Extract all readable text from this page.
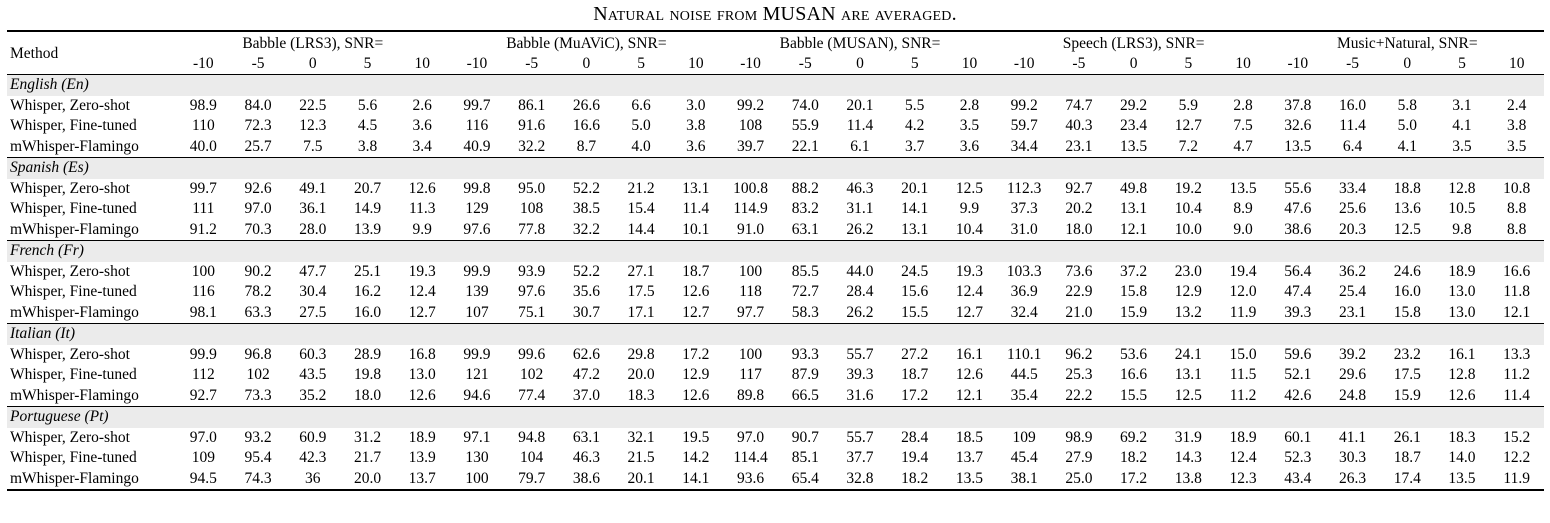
Natural noise from MUSAN are averaged.
Method	Babble (LRS3), SNR=					Babble (MuAViC), SNR=					Babble (MUSAN), SNR=					Speech (LRS3), SNR=					Music+Natural, SNR=				
	-10	-5	0	5	10	-10	-5	0	5	10	-10	-5	0	5	10	-10	-5	0	5	10	-10	-5	0	5	10
English (En)																									
Whisper, Zero-shot	98.9	84.0	22.5	5.6	2.6	99.7	86.1	26.6	6.6	3.0	99.2	74.0	20.1	5.5	2.8	99.2	74.7	29.2	5.9	2.8	37.8	16.0	5.8	3.1	2.4
Whisper, Fine-tuned	110	72.3	12.3	4.5	3.6	116	91.6	16.6	5.0	3.8	108	55.9	11.4	4.2	3.5	59.7	40.3	23.4	12.7	7.5	32.6	11.4	5.0	4.1	3.8
mWhisper-Flamingo	40.0	25.7	7.5	3.8	3.4	40.9	32.2	8.7	4.0	3.6	39.7	22.1	6.1	3.7	3.6	34.4	23.1	13.5	7.2	4.7	13.5	6.4	4.1	3.5	3.5
Spanish (Es)																									
Whisper, Zero-shot	99.7	92.6	49.1	20.7	12.6	99.8	95.0	52.2	21.2	13.1	100.8	88.2	46.3	20.1	12.5	112.3	92.7	49.8	19.2	13.5	55.6	33.4	18.8	12.8	10.8
Whisper, Fine-tuned	111	97.0	36.1	14.9	11.3	129	108	38.5	15.4	11.4	114.9	83.2	31.1	14.1	9.9	37.3	20.2	13.1	10.4	8.9	47.6	25.6	13.6	10.5	8.8
mWhisper-Flamingo	91.2	70.3	28.0	13.9	9.9	97.6	77.8	32.2	14.4	10.1	91.0	63.1	26.2	13.1	10.4	31.0	18.0	12.1	10.0	9.0	38.6	20.3	12.5	9.8	8.8
French (Fr)																									
Whisper, Zero-shot	100	90.2	47.7	25.1	19.3	99.9	93.9	52.2	27.1	18.7	100	85.5	44.0	24.5	19.3	103.3	73.6	37.2	23.0	19.4	56.4	36.2	24.6	18.9	16.6
Whisper, Fine-tuned	116	78.2	30.4	16.2	12.4	139	97.6	35.6	17.5	12.6	118	72.7	28.4	15.6	12.4	36.9	22.9	15.8	12.9	12.0	47.4	25.4	16.0	13.0	11.8
mWhisper-Flamingo	98.1	63.3	27.5	16.0	12.7	107	75.1	30.7	17.1	12.7	97.7	58.3	26.2	15.5	12.7	32.4	21.0	15.9	13.2	11.9	39.3	23.1	15.8	13.0	12.1
Italian (It)																									
Whisper, Zero-shot	99.9	96.8	60.3	28.9	16.8	99.9	99.6	62.6	29.8	17.2	100	93.3	55.7	27.2	16.1	110.1	96.2	53.6	24.1	15.0	59.6	39.2	23.2	16.1	13.3
Whisper, Fine-tuned	112	102	43.5	19.8	13.0	121	102	47.2	20.0	12.9	117	87.9	39.3	18.7	12.6	44.5	25.3	16.6	13.1	11.5	52.1	29.6	17.5	12.8	11.2
mWhisper-Flamingo	92.7	73.3	35.2	18.0	12.6	94.6	77.4	37.0	18.3	12.6	89.8	66.5	31.6	17.2	12.1	35.4	22.2	15.5	12.5	11.2	42.6	24.8	15.9	12.6	11.4
Portuguese (Pt)																									
Whisper, Zero-shot	97.0	93.2	60.9	31.2	18.9	97.1	94.8	63.1	32.1	19.5	97.0	90.7	55.7	28.4	18.5	109	98.9	69.2	31.9	18.9	60.1	41.1	26.1	18.3	15.2
Whisper, Fine-tuned	109	95.4	42.3	21.7	13.9	130	104	46.3	21.5	14.2	114.4	85.1	37.7	19.4	13.7	45.4	27.9	18.2	14.3	12.4	52.3	30.3	18.7	14.0	12.2
mWhisper-Flamingo	94.5	74.3	36	20.0	13.7	100	79.7	38.6	20.1	14.1	93.6	65.4	32.8	18.2	13.5	38.1	25.0	17.2	13.8	12.3	43.4	26.3	17.4	13.5	11.9
